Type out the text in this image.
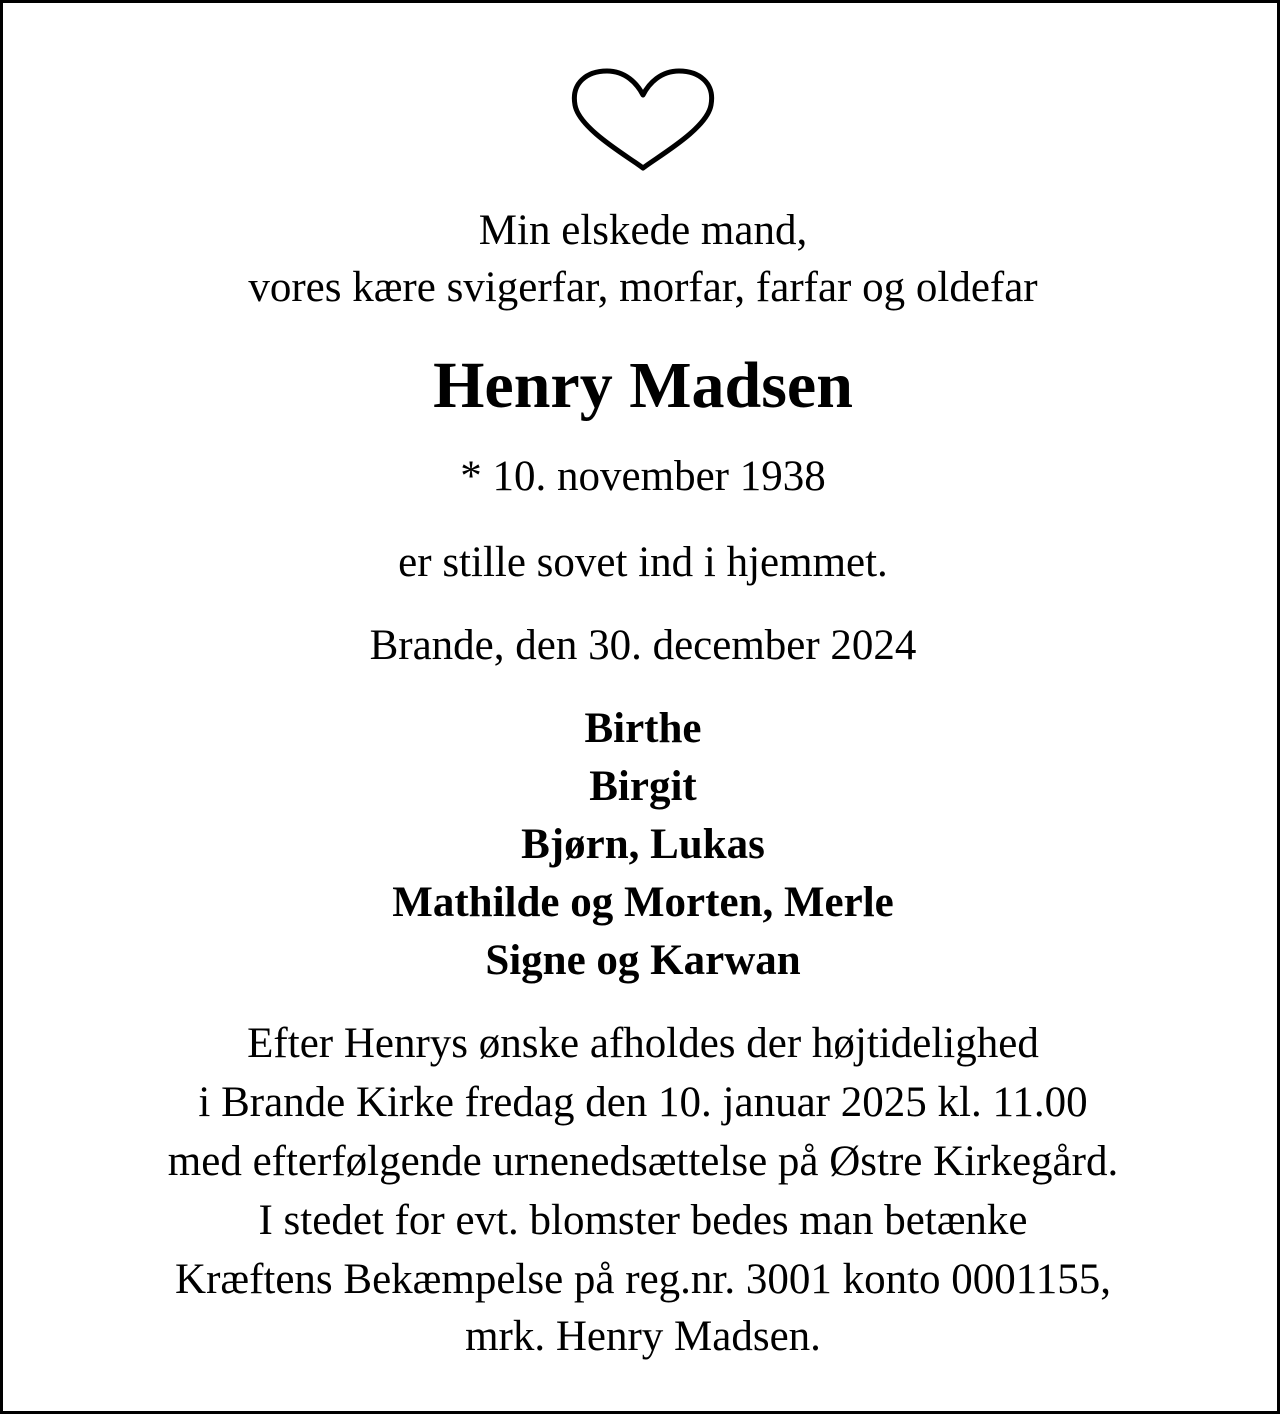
Min elskede mand,

vores kære svigerfar, morfar, farfar og oldefar

Henry Madsen

* 10. november 1938

er stille sovet ind i hjemmet.

Brande, den 30. december 2024

Birthe

Birgit

Bjørn, Lukas

Mathilde og Morten, Merle

Signe og Karwan

Efter Henrys ønske afholdes der højtidelighed

i Brande Kirke fredag den 10. januar 2025 kl. 11.00

med efterfølgende urnenedsættelse på Østre Kirkegård.

I stedet for evt. blomster bedes man betænke

Kræftens Bekæmpelse på reg.nr. 3001 konto 0001155,

mrk. Henry Madsen.
